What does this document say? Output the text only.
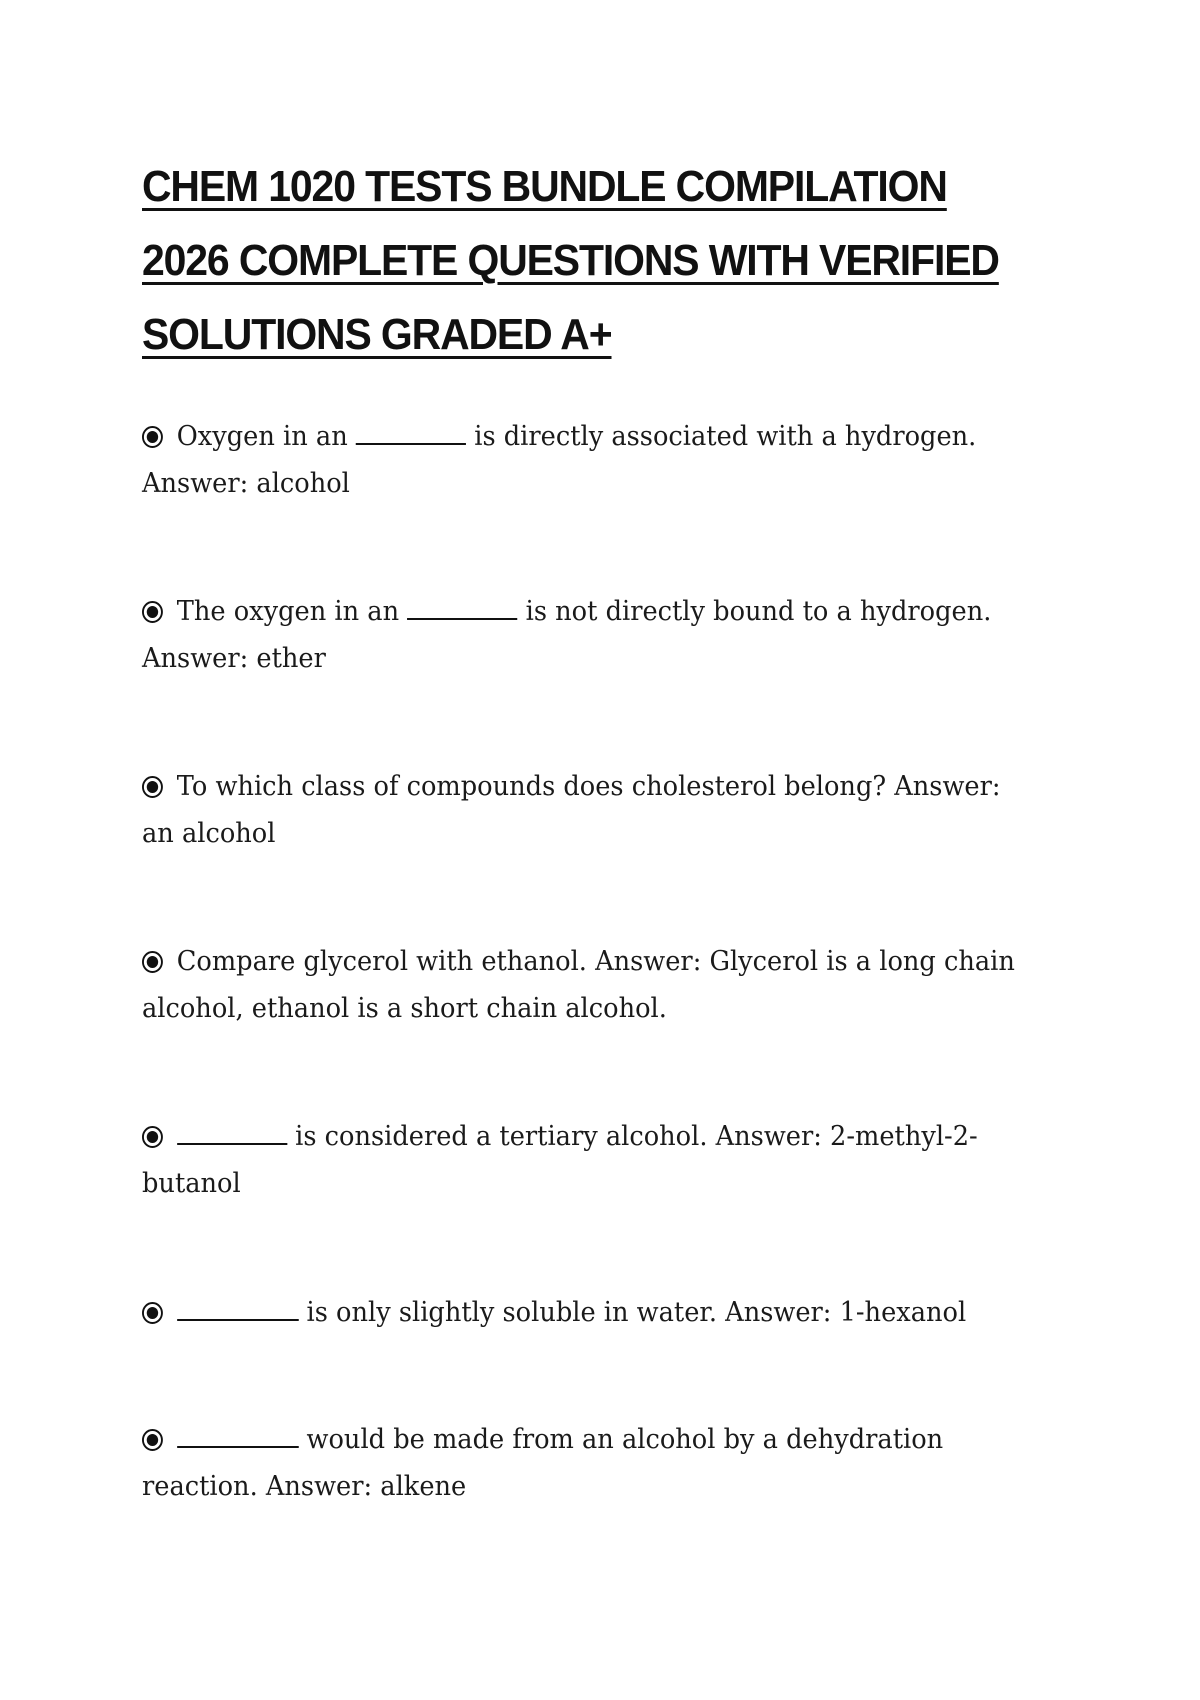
CHEM 1020 TESTS BUNDLE COMPILATION 2026 COMPLETE QUESTIONS WITH VERIFIED SOLUTIONS GRADED A+

Oxygen in an	is directly associated with a hydrogen. Answer: alcohol

The oxygen in an	is not directly bound to a hydrogen. Answer: ether

To which class of compounds does cholesterol belong? Answer: an alcohol

Compare glycerol with ethanol. Answer: Glycerol is a long chain alcohol, ethanol is a short chain alcohol.

is considered a tertiary alcohol. Answer: 2-methyl-2-butanol

is only slightly soluble in water. Answer: 1-hexanol

would be made from an alcohol by a dehydration reaction. Answer: alkene
